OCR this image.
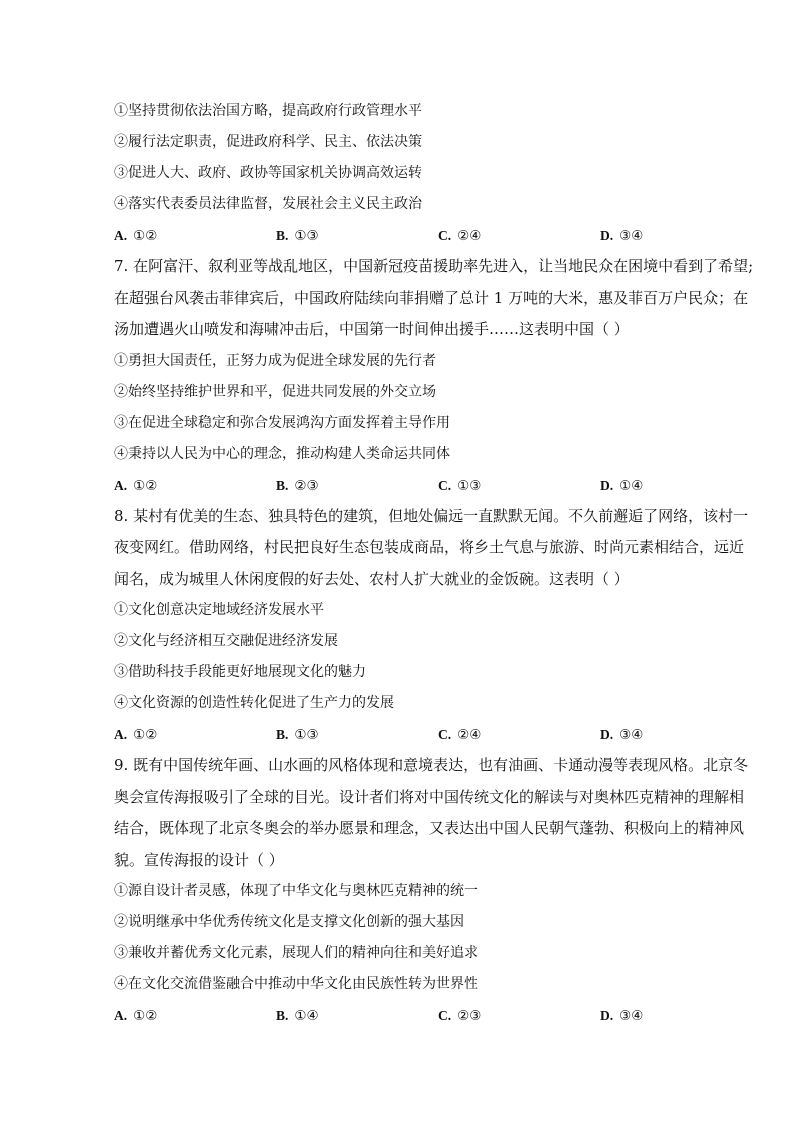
①坚持贯彻依法治国方略，提高政府行政管理水平
②履行法定职责，促进政府科学、民主、依法决策
③促进人大、政府、政协等国家机关协调高效运转
④落实代表委员法律监督，发展社会主义民主政治
A. ①②	B. ①③	C. ②④	D. ③④
7. 在阿富汗、叙利亚等战乱地区，中国新冠疫苗援助率先进入，让当地民众在困境中看到了希望;
在超强台风袭击菲律宾后，中国政府陆续向菲捐赠了总计 1 万吨的大米，惠及菲百万户民众；在
汤加遭遇火山喷发和海啸冲击后，中国第一时间伸出援手……这表明中国（ ）
①勇担大国责任，正努力成为促进全球发展的先行者
②始终坚持维护世界和平，促进共同发展的外交立场
③在促进全球稳定和弥合发展鸿沟方面发挥着主导作用
④秉持以人民为中心的理念，推动构建人类命运共同体
A. ①②	B. ②③	C. ①③	D. ①④
8. 某村有优美的生态、独具特色的建筑，但地处偏远一直默默无闻。不久前邂逅了网络，该村一
夜变网红。借助网络，村民把良好生态包装成商品，将乡土气息与旅游、时尚元素相结合，远近
闻名，成为城里人休闲度假的好去处、农村人扩大就业的金饭碗。这表明（ ）
①文化创意决定地域经济发展水平
②文化与经济相互交融促进经济发展
③借助科技手段能更好地展现文化的魅力
④文化资源的创造性转化促进了生产力的发展
A. ①②	B. ①③	C. ②④	D. ③④
9. 既有中国传统年画、山水画的风格体现和意境表达，也有油画、卡通动漫等表现风格。北京冬
奥会宣传海报吸引了全球的目光。设计者们将对中国传统文化的解读与对奥林匹克精神的理解相
结合，既体现了北京冬奥会的举办愿景和理念，又表达出中国人民朝气蓬勃、积极向上的精神风
貌。宣传海报的设计（ ）
①源自设计者灵感，体现了中华文化与奥林匹克精神的统一
②说明继承中华优秀传统文化是支撑文化创新的强大基因
③兼收并蓄优秀文化元素，展现人们的精神向往和美好追求
④在文化交流借鉴融合中推动中华文化由民族性转为世界性
A. ①②	B. ①④	C. ②③	D. ③④
